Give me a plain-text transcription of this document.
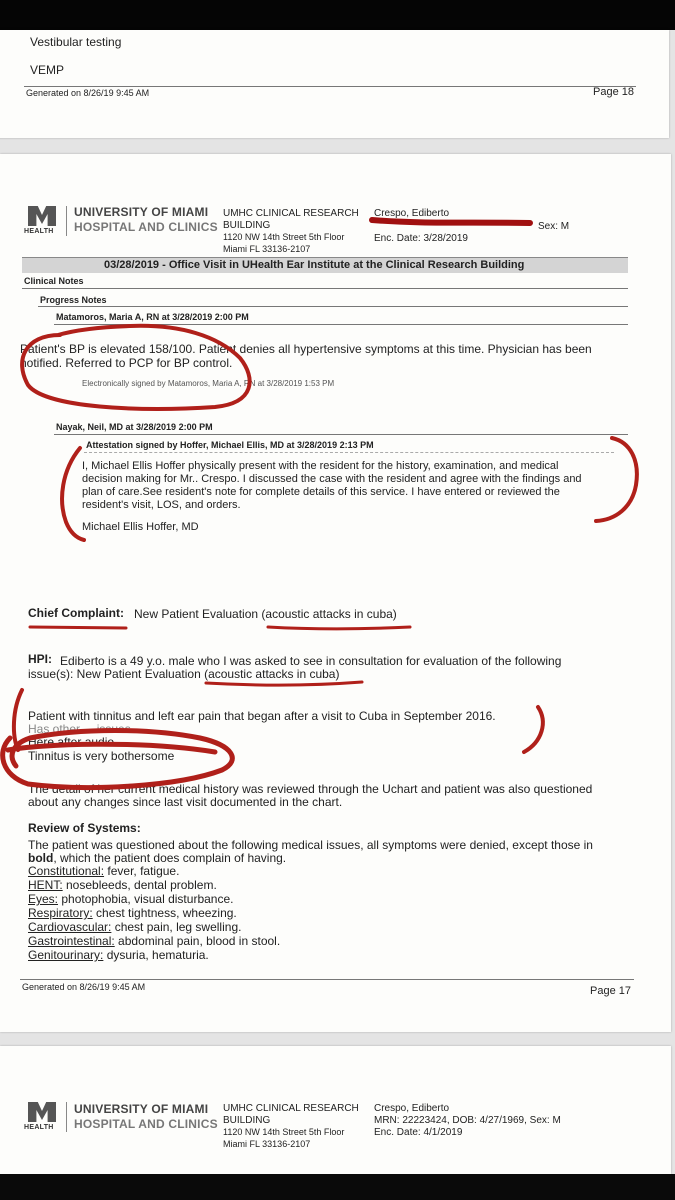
Vestibular testing
VEMP
Generated on 8/26/19 9:45 AM	Page 18
HEALTH
UNIVERSITY OF MIAMI
HOSPITAL AND CLINICS
UMHC CLINICAL RESEARCH
BUILDING
1120 NW 14th Street 5th Floor
Miami FL 33136-2107
Crespo, Ediberto
Sex: M
Enc. Date: 3/28/2019
03/28/2019 - Office Visit in UHealth Ear Institute at the Clinical Research Building
Clinical Notes
Progress Notes
Matamoros, Maria A, RN at 3/28/2019 2:00 PM
Patient's BP is elevated 158/100. Patient denies all hypertensive symptoms at this time. Physician has been
notified. Referred to PCP for BP control.
Electronically signed by Matamoros, Maria A, RN at 3/28/2019 1:53 PM
Nayak, Neil, MD at 3/28/2019 2:00 PM
Attestation signed by Hoffer, Michael Ellis, MD at 3/28/2019 2:13 PM
I, Michael Ellis Hoffer physically present with the resident for the history, examination, and medical
decision making for Mr.. Crespo. I discussed the case with the resident and agree with the findings and
plan of care.See resident's note for complete details of this service. I have entered or reviewed the
resident's visit, LOS, and orders.
Michael Ellis Hoffer, MD
Chief Complaint: New Patient Evaluation (acoustic attacks in cuba)
HPI: Ediberto is a 49 y.o. male who I was asked to see in consultation for evaluation of the following
issue(s): New Patient Evaluation (acoustic attacks in cuba)
Patient with tinnitus and left ear pain that began after a visit to Cuba in September 2016.
Has other ... issues.
Here after audio.
Tinnitus is very bothersome
The detail of her current medical history was reviewed through the Uchart and patient was also questioned
about any changes since last visit documented in the chart.
Review of Systems:
The patient was questioned about the following medical issues, all symptoms were denied, except those in
bold, which the patient does complain of having.
Constitutional: fever, fatigue.
HENT: nosebleeds, dental problem.
Eyes: photophobia, visual disturbance.
Respiratory: chest tightness, wheezing.
Cardiovascular: chest pain, leg swelling.
Gastrointestinal: abdominal pain, blood in stool.
Genitourinary: dysuria, hematuria.
Generated on 8/26/19 9:45 AM	Page 17
HEALTH
UNIVERSITY OF MIAMI
HOSPITAL AND CLINICS
UMHC CLINICAL RESEARCH
BUILDING
1120 NW 14th Street 5th Floor
Miami FL 33136-2107
Crespo, Ediberto
MRN: 22223424, DOB: 4/27/1969, Sex: M
Enc. Date: 4/1/2019
